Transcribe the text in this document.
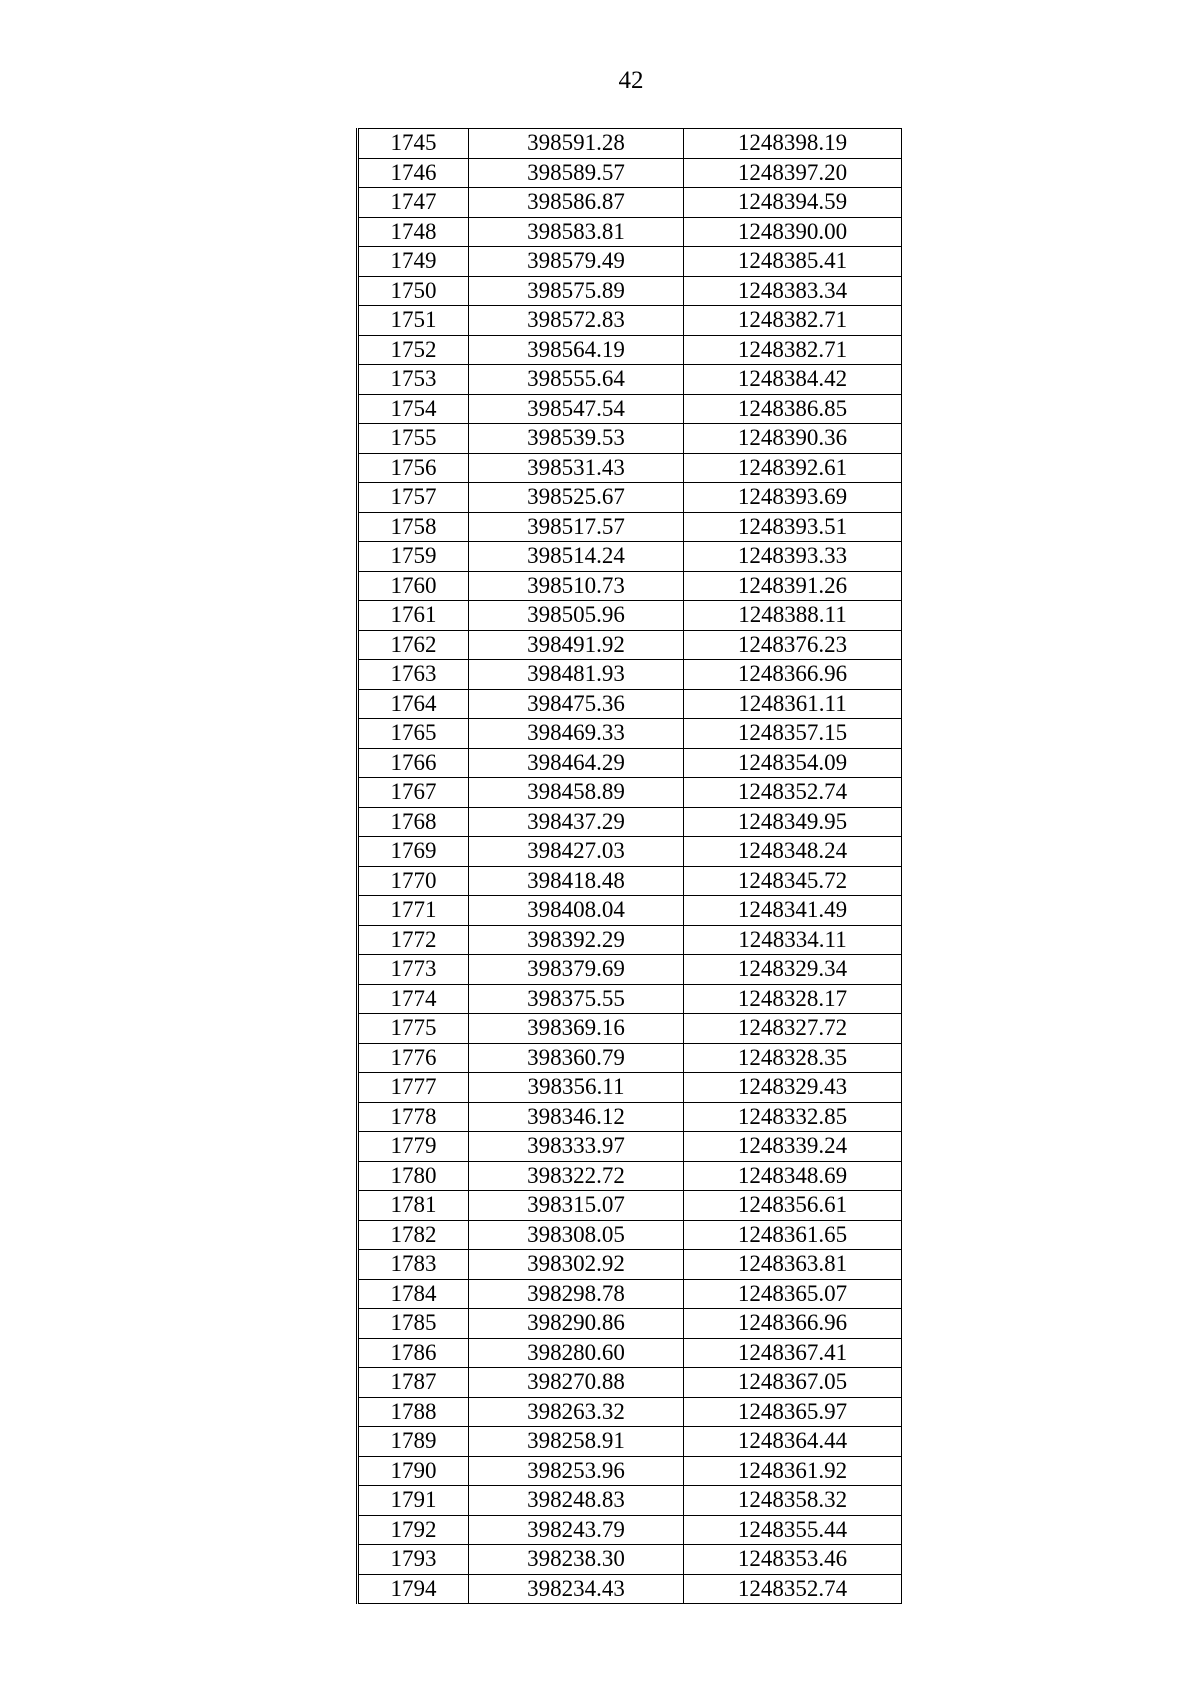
42
1745	398591.28	1248398.19
1746	398589.57	1248397.20
1747	398586.87	1248394.59
1748	398583.81	1248390.00
1749	398579.49	1248385.41
1750	398575.89	1248383.34
1751	398572.83	1248382.71
1752	398564.19	1248382.71
1753	398555.64	1248384.42
1754	398547.54	1248386.85
1755	398539.53	1248390.36
1756	398531.43	1248392.61
1757	398525.67	1248393.69
1758	398517.57	1248393.51
1759	398514.24	1248393.33
1760	398510.73	1248391.26
1761	398505.96	1248388.11
1762	398491.92	1248376.23
1763	398481.93	1248366.96
1764	398475.36	1248361.11
1765	398469.33	1248357.15
1766	398464.29	1248354.09
1767	398458.89	1248352.74
1768	398437.29	1248349.95
1769	398427.03	1248348.24
1770	398418.48	1248345.72
1771	398408.04	1248341.49
1772	398392.29	1248334.11
1773	398379.69	1248329.34
1774	398375.55	1248328.17
1775	398369.16	1248327.72
1776	398360.79	1248328.35
1777	398356.11	1248329.43
1778	398346.12	1248332.85
1779	398333.97	1248339.24
1780	398322.72	1248348.69
1781	398315.07	1248356.61
1782	398308.05	1248361.65
1783	398302.92	1248363.81
1784	398298.78	1248365.07
1785	398290.86	1248366.96
1786	398280.60	1248367.41
1787	398270.88	1248367.05
1788	398263.32	1248365.97
1789	398258.91	1248364.44
1790	398253.96	1248361.92
1791	398248.83	1248358.32
1792	398243.79	1248355.44
1793	398238.30	1248353.46
1794	398234.43	1248352.74
